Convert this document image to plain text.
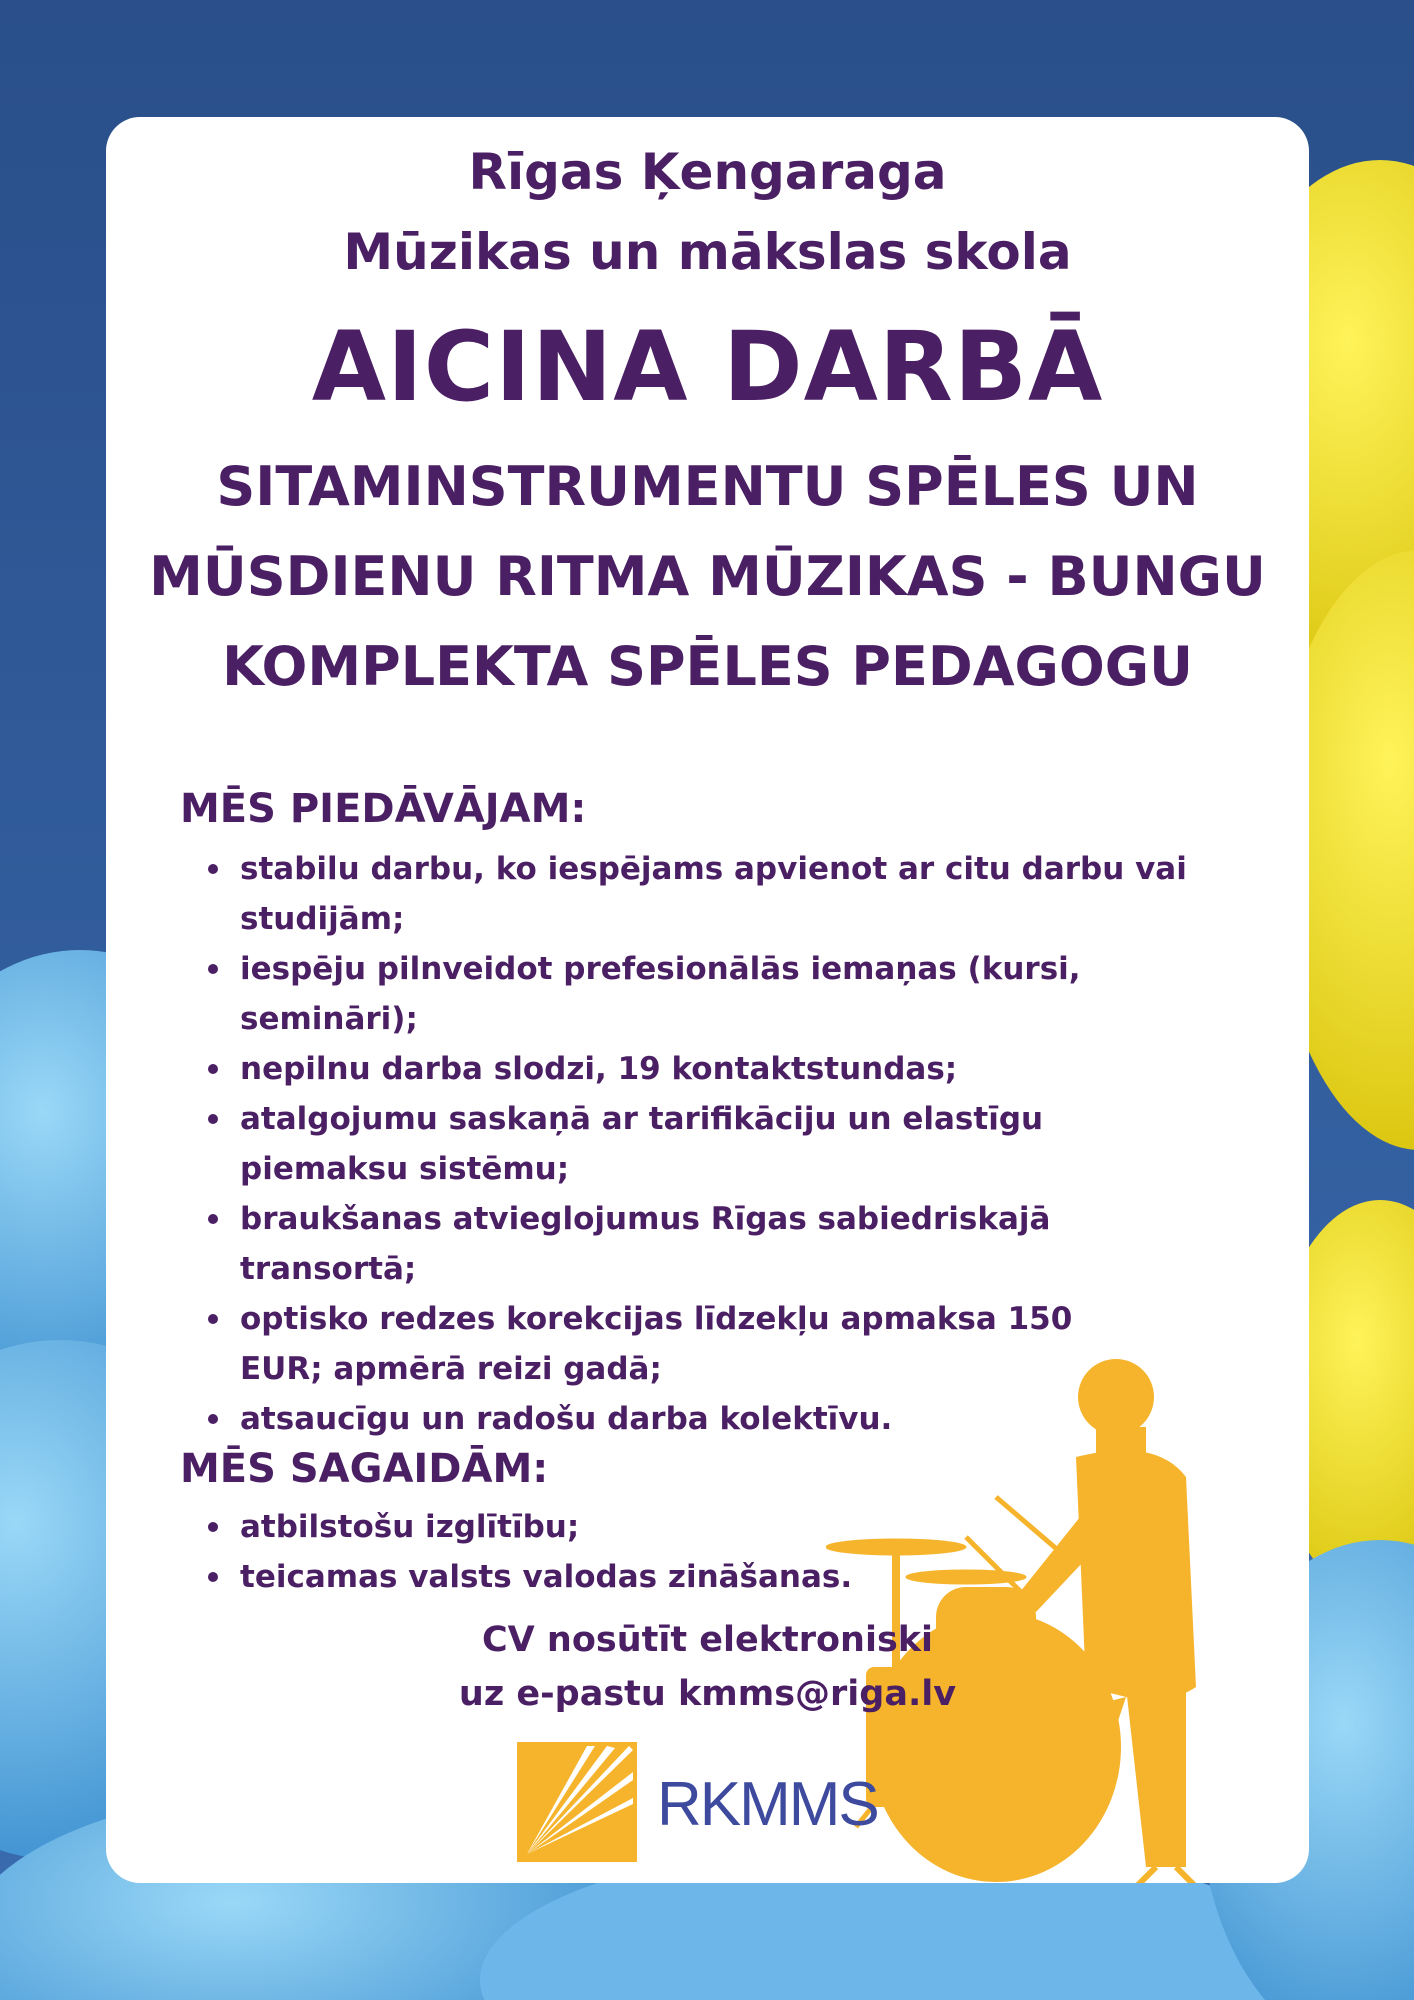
Rīgas Ķengaraga
Mūzikas un mākslas skola
AICINA DARBĀ
SITAMINSTRUMENTU SPĒLES UN
MŪSDIENU RITMA MŪZIKAS - BUNGU
KOMPLEKTA SPĒLES PEDAGOGU
MĒS PIEDĀVĀJAM:
stabilu darbu, ko iespējams apvienot ar citu darbu vai studijām;
iespēju pilnveidot prefesionālās iemaņas (kursi, semināri);
nepilnu darba slodzi, 19 kontaktstundas;
atalgojumu saskaņā ar tarifikāciju un elastīgu piemaksu sistēmu;
braukšanas atvieglojumus Rīgas sabiedriskajā transortā;
optisko redzes korekcijas līdzekļu apmaksa 150 EUR; apmērā reizi gadā;
atsaucīgu un radošu darba kolektīvu.
MĒS SAGAIDĀM:
atbilstošu izglītību;
teicamas valsts valodas zināšanas.
CV nosūtīt elektroniski
uz e-pastu kmms@riga.lv
RKMMS
